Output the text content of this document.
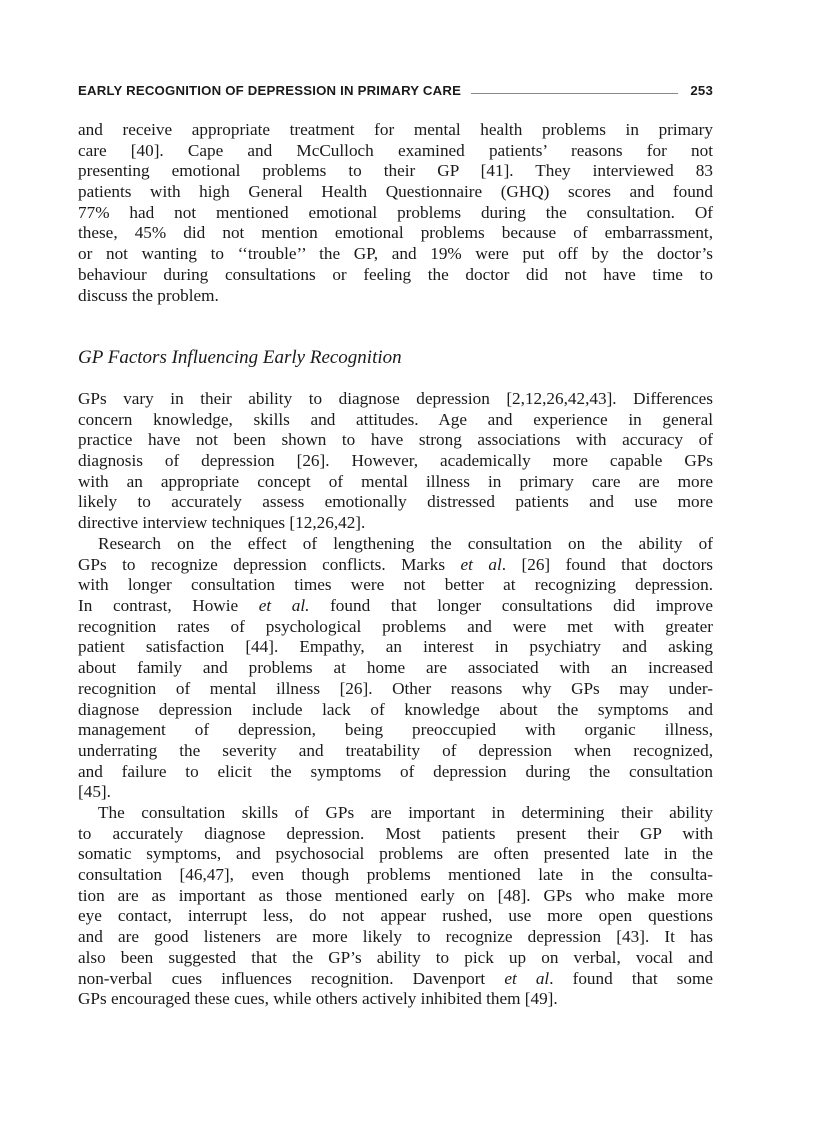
EARLY RECOGNITION OF DEPRESSION IN PRIMARY CARE	253
and receive appropriate treatment for mental health problems in primary
care [40]. Cape and McCulloch examined patients’ reasons for not
presenting emotional problems to their GP [41]. They interviewed 83
patients with high General Health Questionnaire (GHQ) scores and found
77% had not mentioned emotional problems during the consultation. Of
these, 45% did not mention emotional problems because of embarrassment,
or not wanting to ‘‘trouble’’ the GP, and 19% were put off by the doctor’s
behaviour during consultations or feeling the doctor did not have time to
discuss the problem.
GP Factors Influencing Early Recognition
GPs vary in their ability to diagnose depression [2,12,26,42,43]. Differences
concern knowledge, skills and attitudes. Age and experience in general
practice have not been shown to have strong associations with accuracy of
diagnosis of depression [26]. However, academically more capable GPs
with an appropriate concept of mental illness in primary care are more
likely to accurately assess emotionally distressed patients and use more
directive interview techniques [12,26,42].
Research on the effect of lengthening the consultation on the ability of
GPs to recognize depression conflicts. Marks et al. [26] found that doctors
with longer consultation times were not better at recognizing depression.
In contrast, Howie et al. found that longer consultations did improve
recognition rates of psychological problems and were met with greater
patient satisfaction [44]. Empathy, an interest in psychiatry and asking
about family and problems at home are associated with an increased
recognition of mental illness [26]. Other reasons why GPs may under-
diagnose depression include lack of knowledge about the symptoms and
management of depression, being preoccupied with organic illness,
underrating the severity and treatability of depression when recognized,
and failure to elicit the symptoms of depression during the consultation
[45].
The consultation skills of GPs are important in determining their ability
to accurately diagnose depression. Most patients present their GP with
somatic symptoms, and psychosocial problems are often presented late in the
consultation [46,47], even though problems mentioned late in the consulta-
tion are as important as those mentioned early on [48]. GPs who make more
eye contact, interrupt less, do not appear rushed, use more open questions
and are good listeners are more likely to recognize depression [43]. It has
also been suggested that the GP’s ability to pick up on verbal, vocal and
non-verbal cues influences recognition. Davenport et al. found that some
GPs encouraged these cues, while others actively inhibited them [49].
